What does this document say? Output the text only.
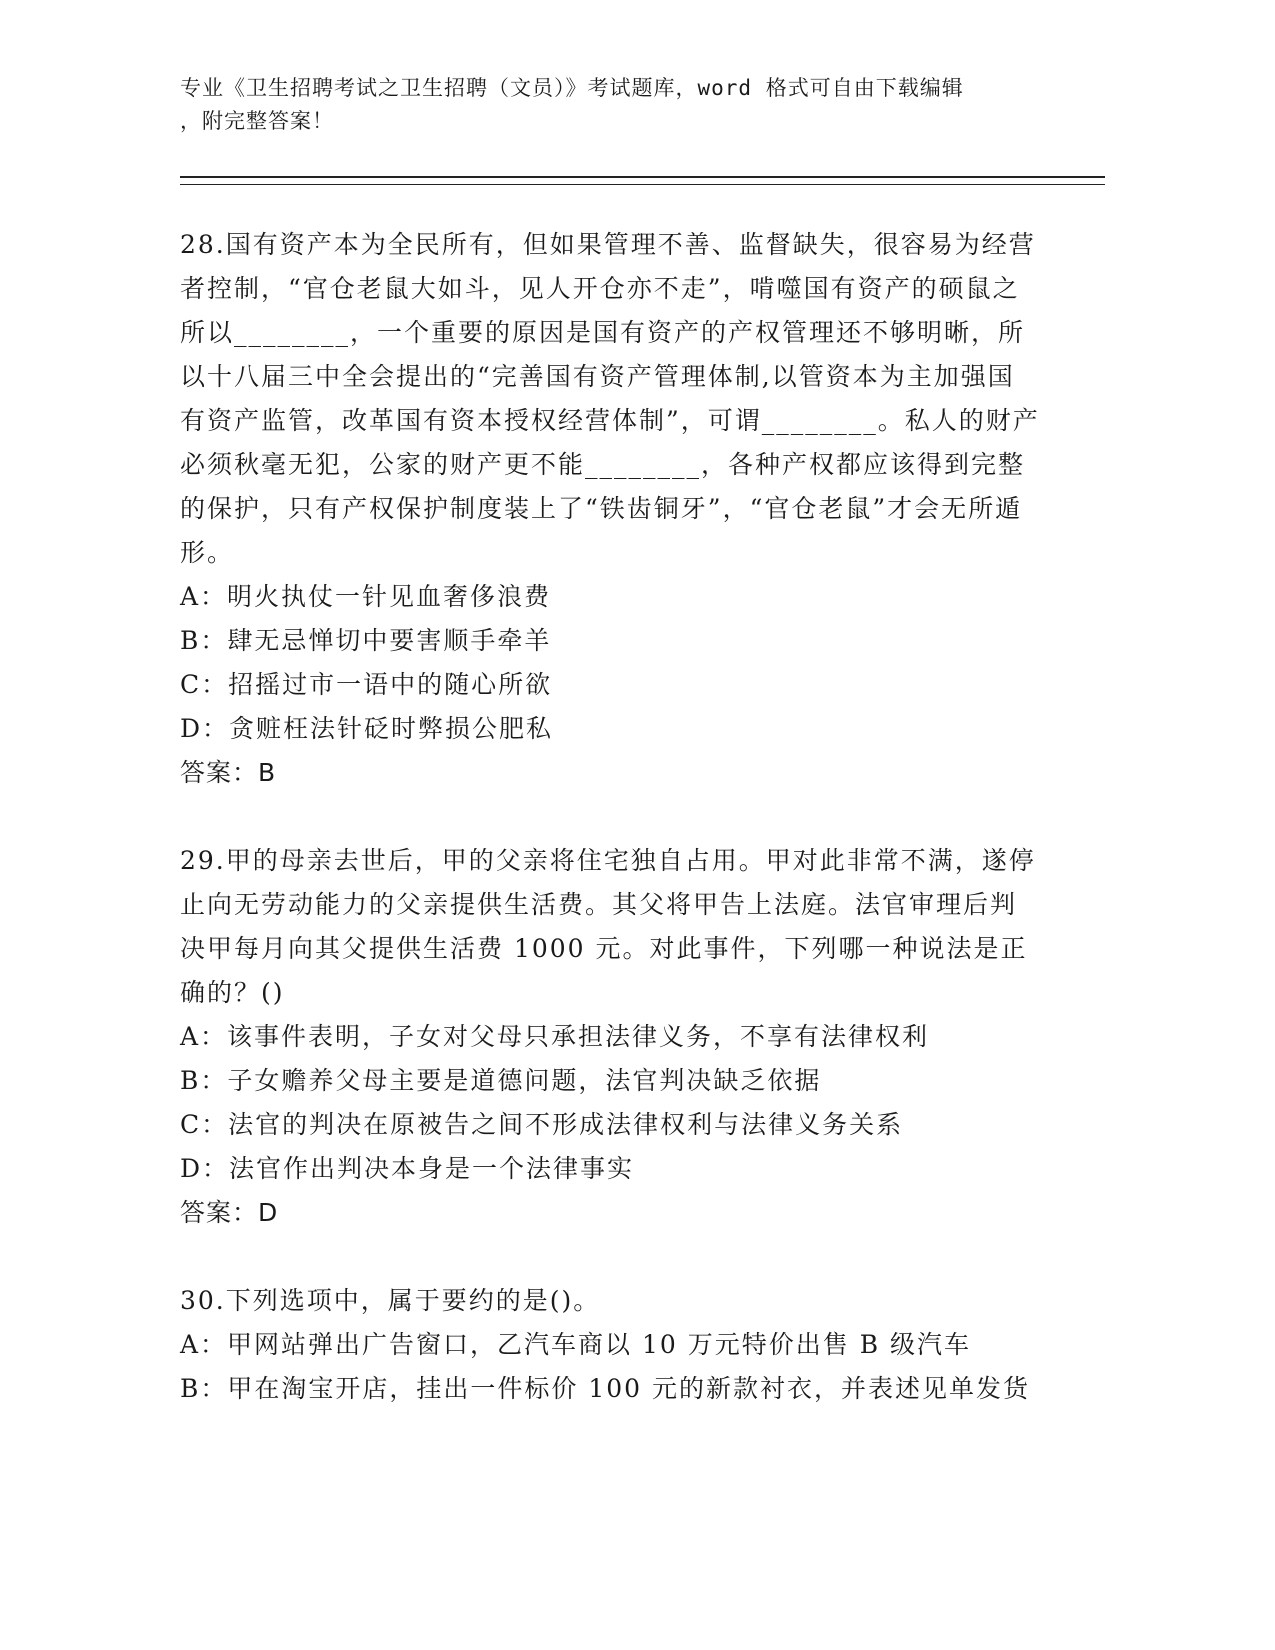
专业《卫生招聘考试之卫生招聘（文员）》考试题库，word 格式可自由下载编辑
，附完整答案！

28.国有资产本为全民所有，但如果管理不善、监督缺失，很容易为经营者控制，“官仓老鼠大如斗，见人开仓亦不走”，啃噬国有资产的硕鼠之所以________，一个重要的原因是国有资产的产权管理还不够明晰，所以十八届三中全会提出的“完善国有资产管理体制,以管资本为主加强国有资产监管，改革国有资本授权经营体制”，可谓________。私人的财产必须秋毫无犯，公家的财产更不能________，各种产权都应该得到完整的保护，只有产权保护制度装上了“铁齿铜牙”，“官仓老鼠”才会无所遁形。

A：明火执仗一针见血奢侈浪费

B：肆无忌惮切中要害顺手牵羊

C：招摇过市一语中的随心所欲

D：贪赃枉法针砭时弊损公肥私

答案：B

29.甲的母亲去世后，甲的父亲将住宅独自占用。甲对此非常不满，遂停止向无劳动能力的父亲提供生活费。其父将甲告上法庭。法官审理后判决甲每月向其父提供生活费 1000 元。对此事件，下列哪一种说法是正确的？()

A：该事件表明，子女对父母只承担法律义务，不享有法律权利

B：子女赡养父母主要是道德问题，法官判决缺乏依据

C：法官的判决在原被告之间不形成法律权利与法律义务关系

D：法官作出判决本身是一个法律事实

答案：D

30.下列选项中，属于要约的是()。

A：甲网站弹出广告窗口，乙汽车商以 10 万元特价出售 B 级汽车

B：甲在淘宝开店，挂出一件标价 100 元的新款衬衣，并表述见单发货
